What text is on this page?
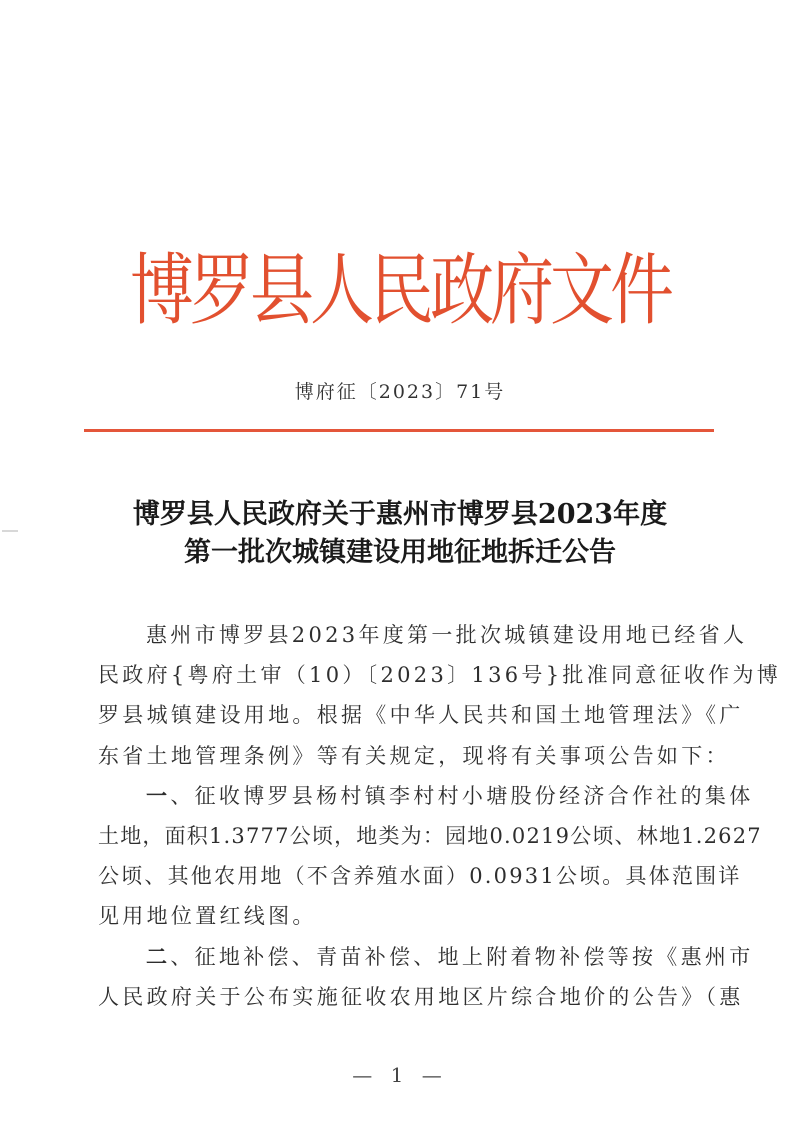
博
罗
县
人
民
政
府
文
件
博府征〔2023〕71号
博罗县人民政府关于惠州市博罗县2023年度
第一批次城镇建设用地征地拆迁公告
惠州市博罗县2023年度第一批次城镇建设用地已经省人
民政府{粤府土审（10）〔2023〕136号}批准同意征收作为博
罗县城镇建设用地。根据《中华人民共和国土地管理法》《广
东省土地管理条例》等有关规定，现将有关事项公告如下：
一、征收博罗县杨村镇李村村小塘股份经济合作社的集体
土地，面积1.3777公顷，地类为：园地0.0219公顷、林地1.2627
公顷、其他农用地（不含养殖水面）0.0931公顷。具体范围详
见用地位置红线图。
二、征地补偿、青苗补偿、地上附着物补偿等按《惠州市
人民政府关于公布实施征收农用地区片综合地价的公告》（惠
— 1 —
